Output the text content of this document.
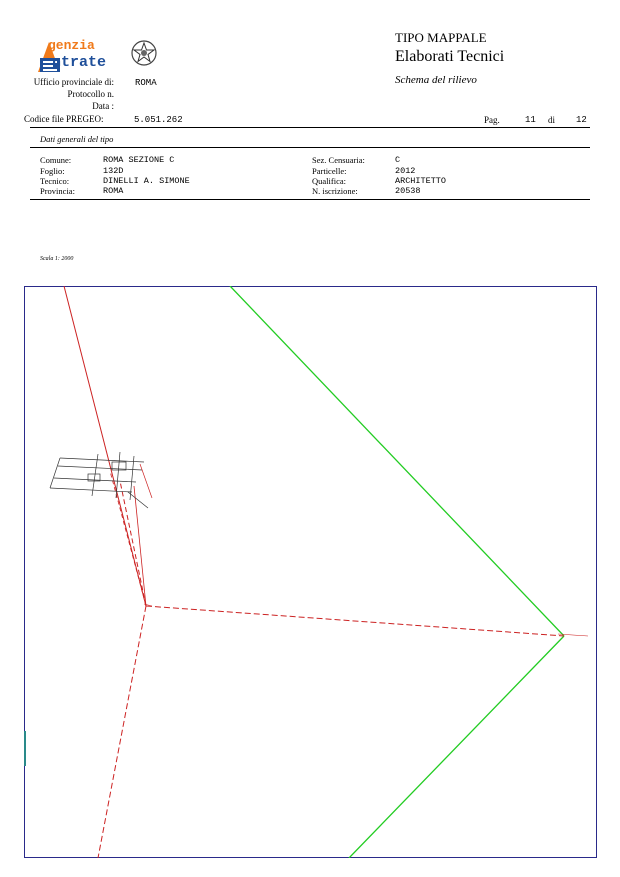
genzia
ntrate
Ufficio provinciale di: ROMA
Protocollo n.
Data :
Codice file PREGEO:	5.051.262
TIPO MAPPALE
Elaborati Tecnici
Schema del rilievo
Pag.	11 di 12
Dati generali del tipo
Comune:	ROMA SEZIONE C
Foglio:	132D
Tecnico:	DINELLI A. SIMONE
Provincia:	ROMA
Sez. Censuaria:	C
Particelle:	2012
Qualifica:	ARCHITETTO
N. iscrizione:	20538
Scala 1: 2000
